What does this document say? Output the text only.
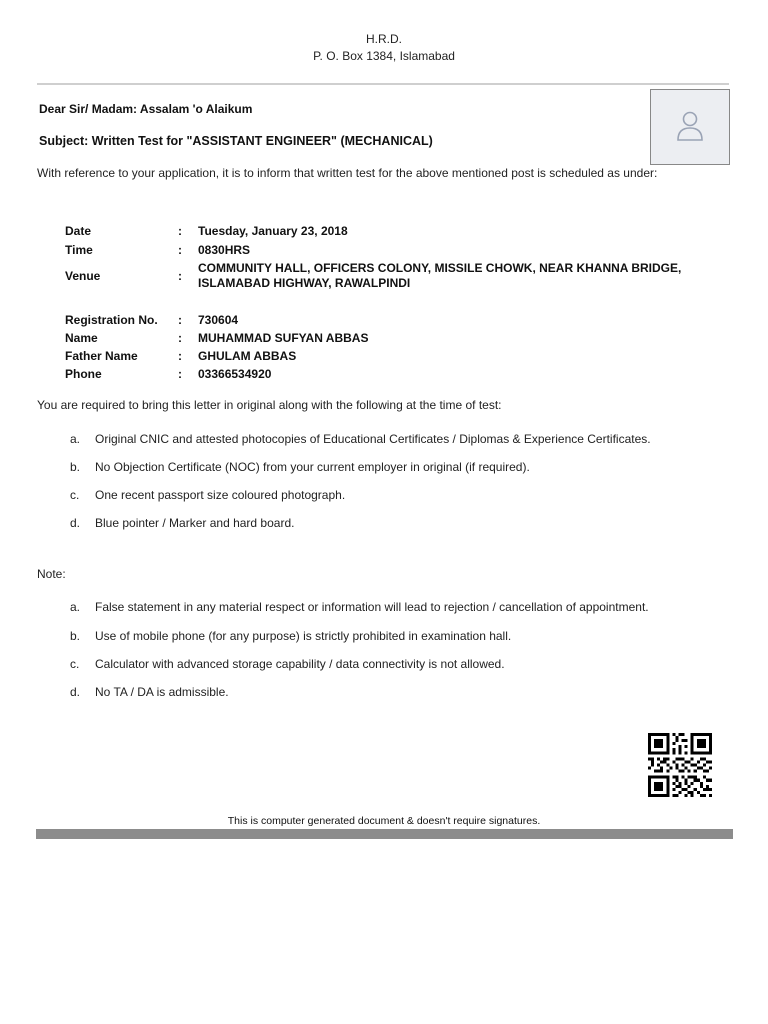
H.R.D.
P. O. Box 1384, Islamabad
Dear Sir/ Madam: Assalam 'o Alaikum
Subject: Written Test for "ASSISTANT ENGINEER" (MECHANICAL)
With reference to your application, it is to inform that written test for the above mentioned post is scheduled as under:
Date	: Tuesday, January 23, 2018
Time	: 0830HRS
Venue	:
COMMUNITY HALL, OFFICERS COLONY, MISSILE CHOWK, NEAR KHANNA BRIDGE, ISLAMABAD HIGHWAY, RAWALPINDI
Registration No.	: 730604
Name	: MUHAMMAD SUFYAN ABBAS
Father Name	: GHULAM ABBAS
Phone	: 03366534920
You are required to bring this letter in original along with the following at the time of test:
a.	Original CNIC and attested photocopies of Educational Certificates / Diplomas & Experience Certificates.
b.	No Objection Certificate (NOC) from your current employer in original (if required).
c.	One recent passport size coloured photograph.
d.	Blue pointer / Marker and hard board.
Note:
a.	False statement in any material respect or information will lead to rejection / cancellation of appointment.
b.	Use of mobile phone (for any purpose) is strictly prohibited in examination hall.
c.	Calculator with advanced storage capability / data connectivity is not allowed.
d.	No TA / DA is admissible.
This is computer generated document & doesn't require signatures.
